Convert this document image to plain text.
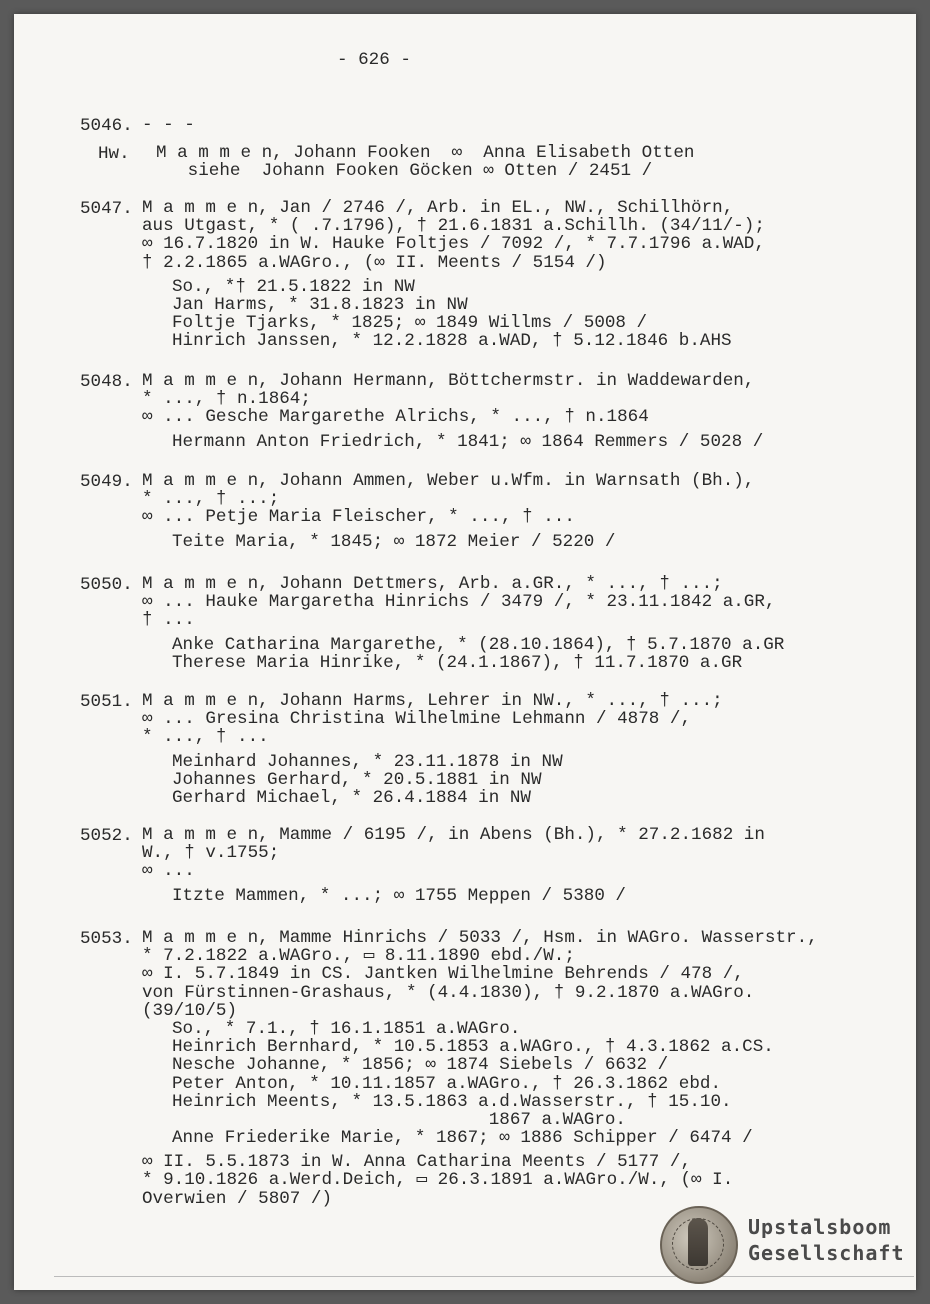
- 626 -
5046. - - -
Hw. M a m m e n, Johann Fooken  ∞  Anna Elisabeth Otten
siehe  Johann Fooken Göcken ∞ Otten / 2451 /
5047. M a m m e n, Jan / 2746 /, Arb. in EL., NW., Schillhörn,
aus Utgast, * ( .7.1796), † 21.6.1831 a.Schillh. (34/11/-);
∞ 16.7.1820 in W. Hauke Foltjes / 7092 /, * 7.7.1796 a.WAD,
† 2.2.1865 a.WAGro., (∞ II. Meents / 5154 /)
So., *† 21.5.1822 in NW
Jan Harms, * 31.8.1823 in NW
Foltje Tjarks, * 1825; ∞ 1849 Willms / 5008 /
Hinrich Janssen, * 12.2.1828 a.WAD, † 5.12.1846 b.AHS
5048. M a m m e n, Johann Hermann, Böttchermstr. in Waddewarden,
* ..., † n.1864;
∞ ... Gesche Margarethe Alrichs, * ..., † n.1864
Hermann Anton Friedrich, * 1841; ∞ 1864 Remmers / 5028 /
5049. M a m m e n, Johann Ammen, Weber u.Wfm. in Warnsath (Bh.),
* ..., † ...;
∞ ... Petje Maria Fleischer, * ..., † ...
Teite Maria, * 1845; ∞ 1872 Meier / 5220 /
5050. M a m m e n, Johann Dettmers, Arb. a.GR., * ..., † ...;
∞ ... Hauke Margaretha Hinrichs / 3479 /, * 23.11.1842 a.GR,
† ...
Anke Catharina Margarethe, * (28.10.1864), † 5.7.1870 a.GR
Therese Maria Hinrike, * (24.1.1867), † 11.7.1870 a.GR
5051. M a m m e n, Johann Harms, Lehrer in NW., * ..., † ...;
∞ ... Gresina Christina Wilhelmine Lehmann / 4878 /,
* ..., † ...
Meinhard Johannes, * 23.11.1878 in NW
Johannes Gerhard, * 20.5.1881 in NW
Gerhard Michael, * 26.4.1884 in NW
5052. M a m m e n, Mamme / 6195 /, in Abens (Bh.), * 27.2.1682 in
W., † v.1755;
∞ ...
Itzte Mammen, * ...; ∞ 1755 Meppen / 5380 /
5053. M a m m e n, Mamme Hinrichs / 5033 /, Hsm. in WAGro. Wasserstr.,
* 7.2.1822 a.WAGro., ▭ 8.11.1890 ebd./W.;
∞ I. 5.7.1849 in CS. Jantken Wilhelmine Behrends / 478 /,
von Fürstinnen-Grashaus, * (4.4.1830), † 9.2.1870 a.WAGro.
(39/10/5)
So., * 7.1., † 16.1.1851 a.WAGro.
Heinrich Bernhard, * 10.5.1853 a.WAGro., † 4.3.1862 a.CS.
Nesche Johanne, * 1856; ∞ 1874 Siebels / 6632 /
Peter Anton, * 10.11.1857 a.WAGro., † 26.3.1862 ebd.
Heinrich Meents, * 13.5.1863 a.d.Wasserstr., † 15.10.
1867 a.WAGro.
Anne Friederike Marie, * 1867; ∞ 1886 Schipper / 6474 /
∞ II. 5.5.1873 in W. Anna Catharina Meents / 5177 /,
* 9.10.1826 a.Werd.Deich, ▭ 26.3.1891 a.WAGro./W., (∞ I.
Overwien / 5807 /)
Upstalsboom
Gesellschaft
